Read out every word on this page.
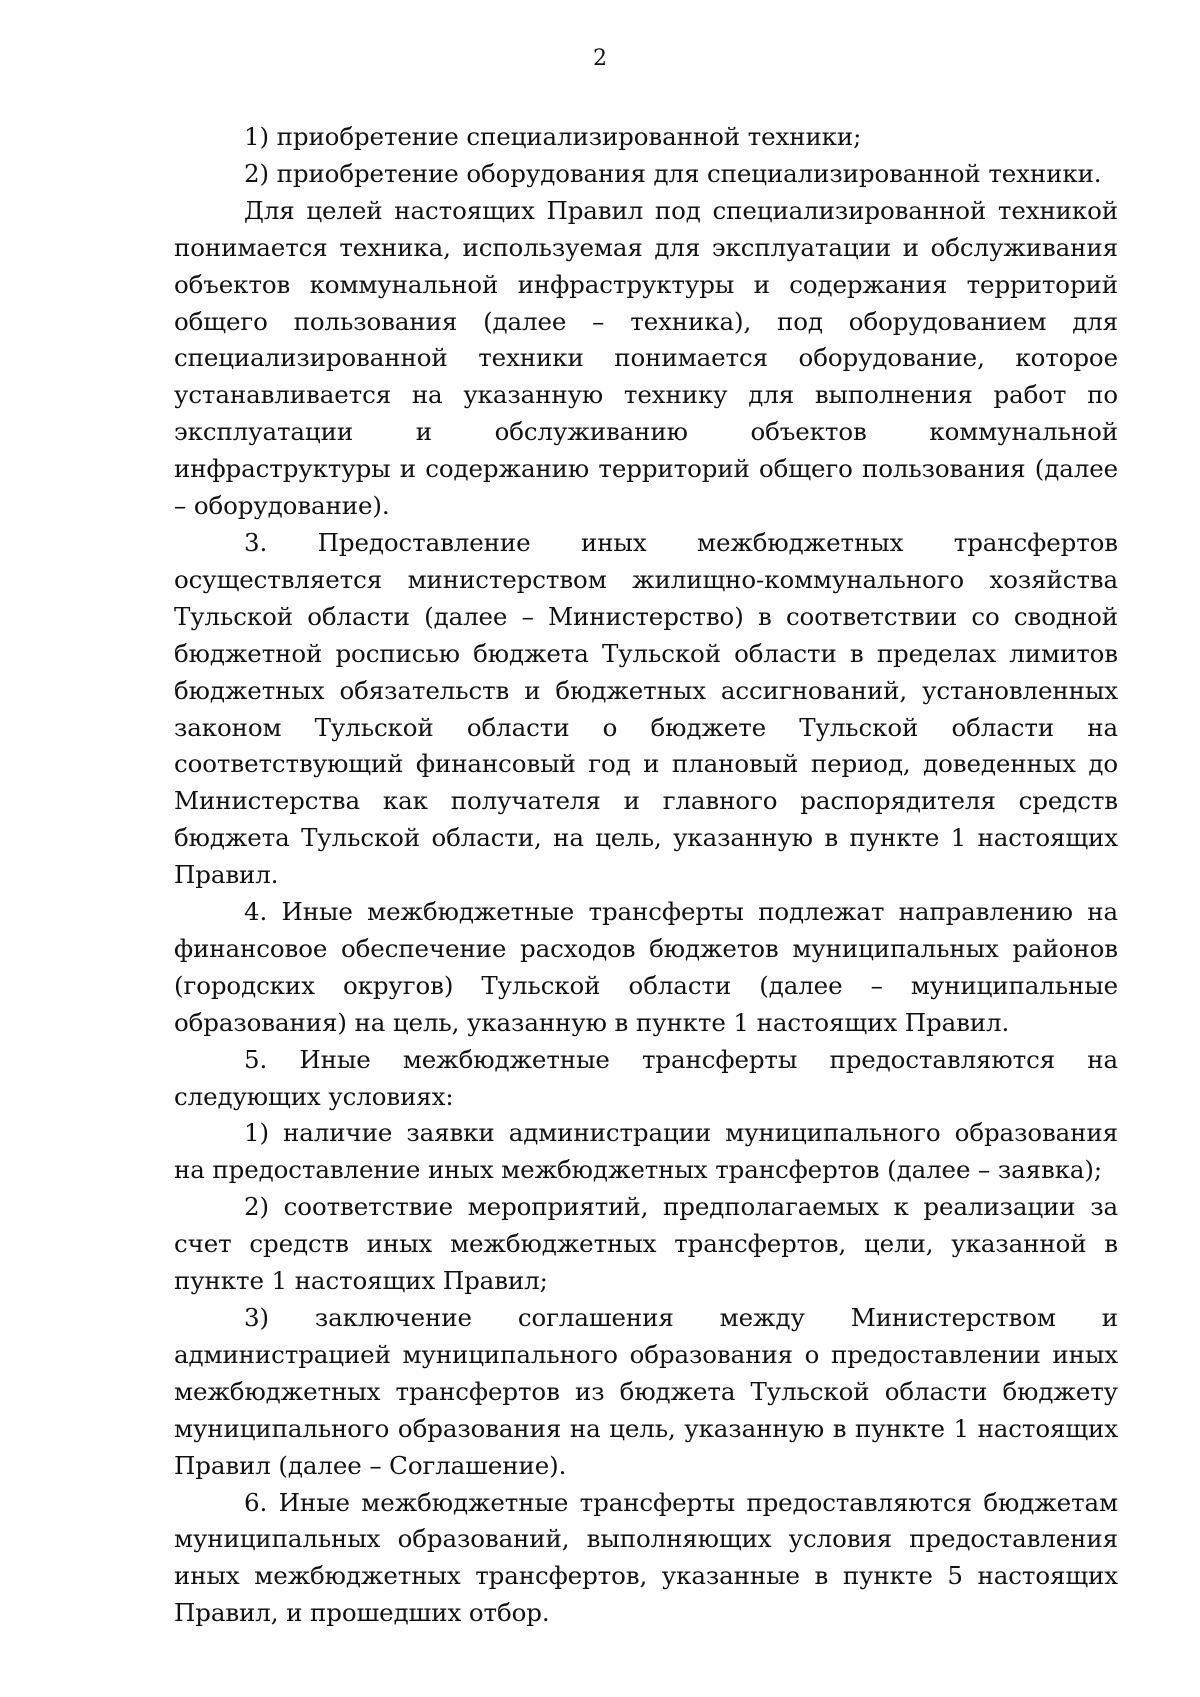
2

1) приобретение специализированной техники;

2) приобретение оборудования для специализированной техники.

Для целей настоящих Правил под специализированной техникой понимается техника, используемая для эксплуатации и обслуживания объектов коммунальной инфраструктуры и содержания территорий общего пользования (далее – техника), под оборудованием для специализированной техники понимается оборудование, которое устанавливается на указанную технику для выполнения работ по эксплуатации и обслуживанию объектов коммунальной инфраструктуры и содержанию территорий общего пользования (далее – оборудование).

3. Предоставление иных межбюджетных трансфертов осуществляется министерством жилищно-коммунального хозяйства Тульской области (далее – Министерство) в соответствии со сводной бюджетной росписью бюджета Тульской области в пределах лимитов бюджетных обязательств и бюджетных ассигнований, установленных законом Тульской области о бюджете Тульской области на соответствующий финансовый год и плановый период, доведенных до Министерства как получателя и главного распорядителя средств бюджета Тульской области, на цель, указанную в пункте 1 настоящих Правил.

4. Иные межбюджетные трансферты подлежат направлению на финансовое обеспечение расходов бюджетов муниципальных районов (городских округов) Тульской области (далее – муниципальные образования) на цель, указанную в пункте 1 настоящих Правил.

5. Иные межбюджетные трансферты предоставляются на следующих условиях:

1) наличие заявки администрации муниципального образования на предоставление иных межбюджетных трансфертов (далее – заявка);

2) соответствие мероприятий, предполагаемых к реализации за счет средств иных межбюджетных трансфертов, цели, указанной в пункте 1 настоящих Правил;

3) заключение соглашения между Министерством и администрацией муниципального образования о предоставлении иных межбюджетных трансфертов из бюджета Тульской области бюджету муниципального образования на цель, указанную в пункте 1 настоящих Правил (далее – Соглашение).

6. Иные межбюджетные трансферты предоставляются бюджетам муниципальных образований, выполняющих условия предоставления иных межбюджетных трансфертов, указанные в пункте 5 настоящих Правил, и прошедших отбор.
